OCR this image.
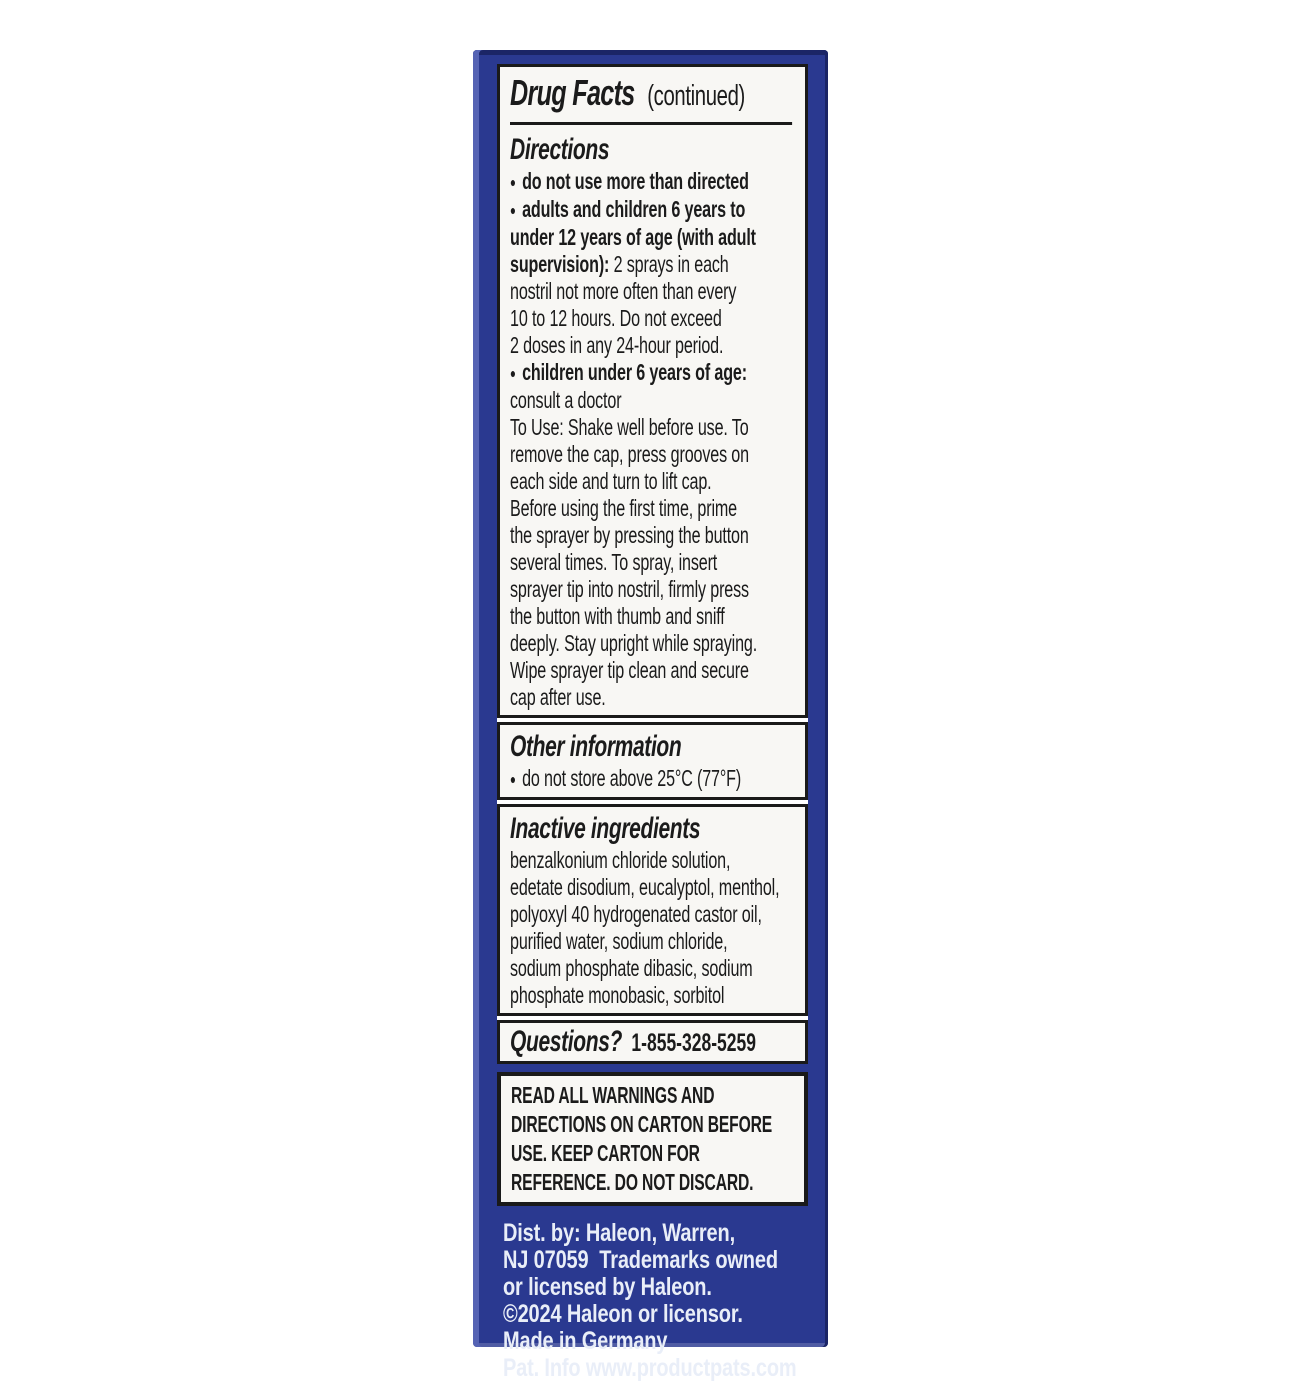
Drug Facts (continued)
Directions
● do not use more than directed
● adults and children 6 years to
under 12 years of age (with adult
supervision): 2 sprays in each
nostril not more often than every
10 to 12 hours. Do not exceed
2 doses in any 24-hour period.
● children under 6 years of age:
consult a doctor
To Use: Shake well before use. To
remove the cap, press grooves on
each side and turn to lift cap.
Before using the first time, prime
the sprayer by pressing the button
several times. To spray, insert
sprayer tip into nostril, firmly press
the button with thumb and sniff
deeply. Stay upright while spraying.
Wipe sprayer tip clean and secure
cap after use.
Other information
● do not store above 25°C (77°F)
Inactive ingredients
benzalkonium chloride solution,
edetate disodium, eucalyptol, menthol,
polyoxyl 40 hydrogenated castor oil,
purified water, sodium chloride,
sodium phosphate dibasic, sodium
phosphate monobasic, sorbitol
Questions? 1-855-328-5259
READ ALL WARNINGS AND
DIRECTIONS ON CARTON BEFORE
USE. KEEP CARTON FOR
REFERENCE. DO NOT DISCARD.
Dist. by: Haleon, Warren,
NJ 07059  Trademarks owned
or licensed by Haleon.
©2024 Haleon or licensor.
Made in Germany
Pat. Info www.productpats.com
